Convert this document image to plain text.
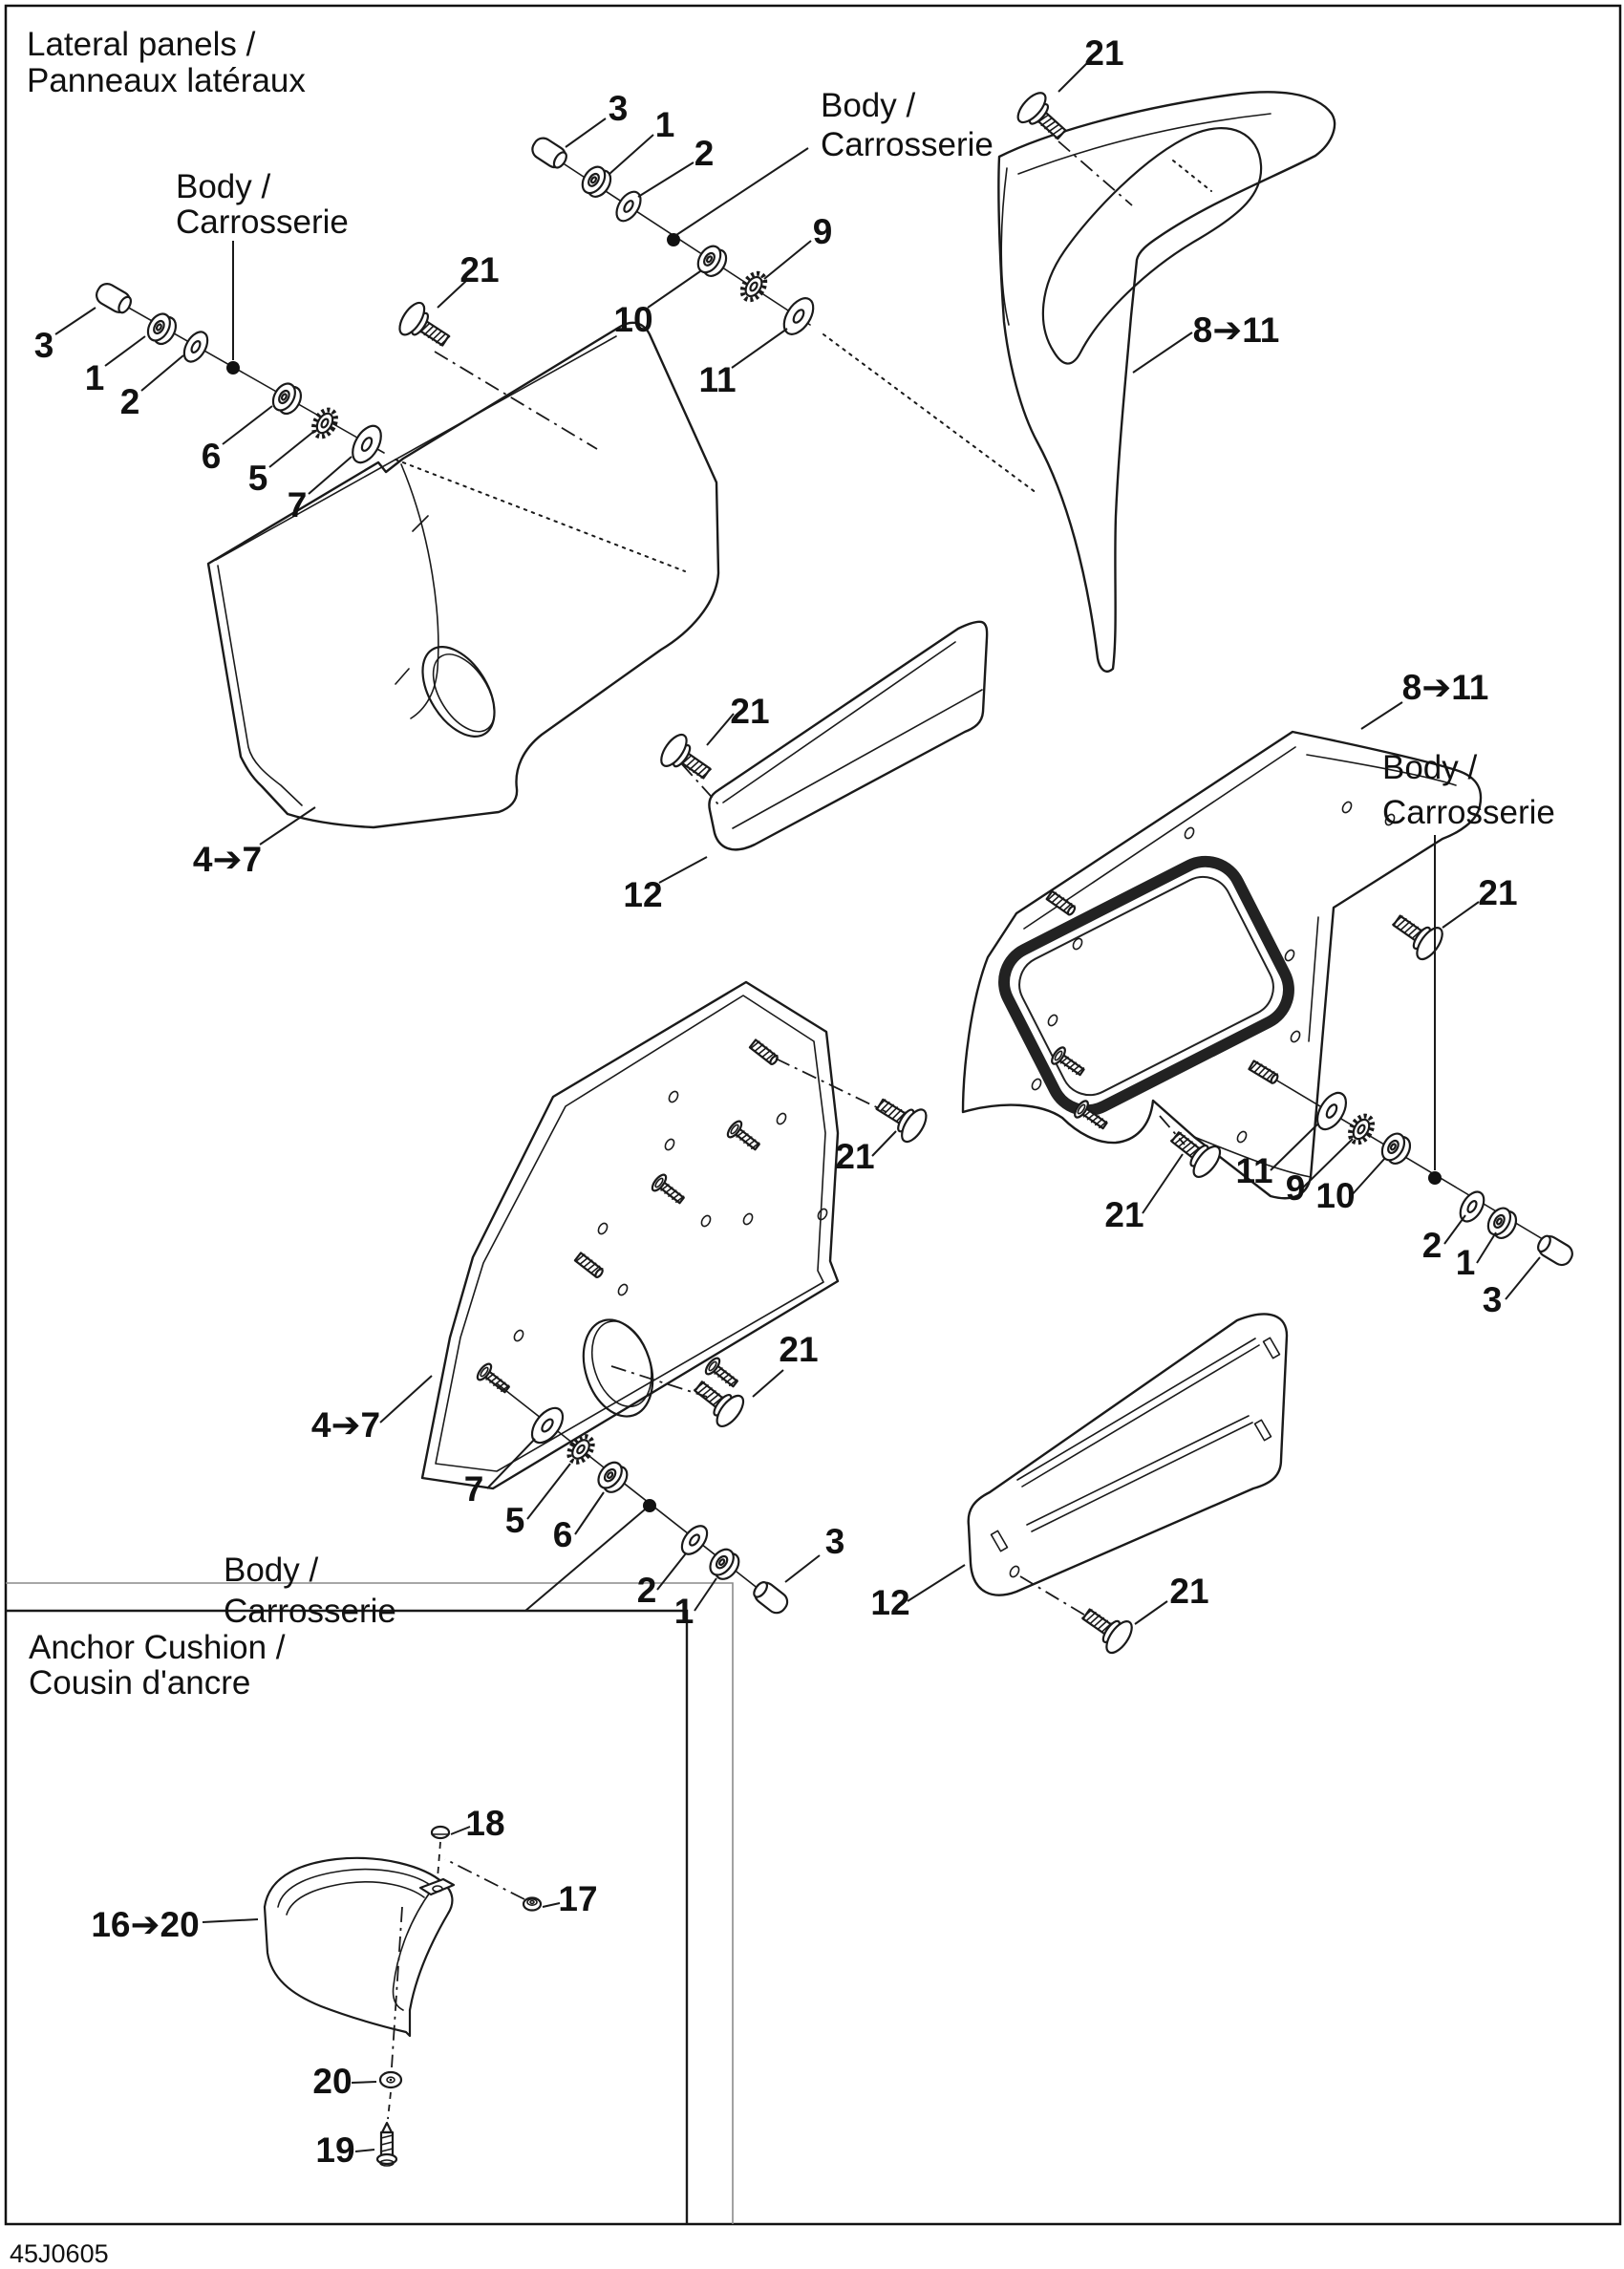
Lateral panels /
Panneaux latéraux
Anchor Cushion /
Cousin d'ancre
45J0605
Body /
Carrosserie
Body /
Carrosserie
Body /
Carrosserie
Body /
Carrosserie
3 1
2
9
10
11
3
1
2
6
5
7
11 9 10
2 1
3
7
5 6
2
1
3
21
21
21
21
21
21
21
21
12
12
4➔7
4➔7
8➔11
8➔11
16➔20
18
17
20
19
